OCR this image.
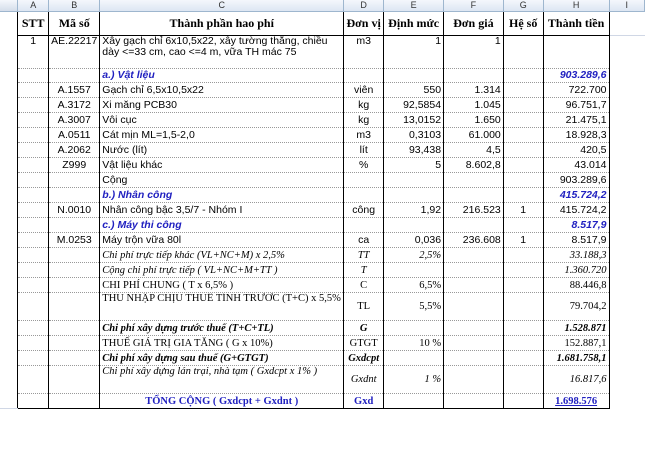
	A	B	C	D	E	F	G	H	I
	STT	Mã số	Thành phần hao phí	Đơn vị	Định mức	Đơn giá	Hệ số	Thành tiền	
	1	AE.22217	Xây gạch chỉ 6x10,5x22, xây tường thẳng, chiều dày <=33 cm, cao <=4 m, vữa TH mác 75	m3	1	1			
			a.) Vật liệu					903.289,6	
		A.1557	Gạch chỉ 6,5x10,5x22	viên	550	1.314		722.700	
		A.3172	Xi măng PCB30	kg	92,5854	1.045		96.751,7	
		A.3007	Vôi cục	kg	13,0152	1.650		21.475,1	
		A.0511	Cát mịn ML=1,5-2,0	m3	0,3103	61.000		18.928,3	
		A.2062	Nước (lít)	lít	93,438	4,5		420,5	
		Z999	Vật liệu khác	%	5	8.602,8		43.014	
			Cộng					903.289,6	
			b.) Nhân công					415.724,2	
		N.0010	Nhân công bậc 3,5/7 - Nhóm I	công	1,92	216.523	1	415.724,2	
			c.) Máy thi công					8.517,9	
		M.0253	Máy trộn vữa 80l	ca	0,036	236.608	1	8.517,9	
			Chi phí trực tiếp khác (VL+NC+M) x 2,5%	TT	2,5%			33.188,3	
			Cộng chi phí trực tiếp ( VL+NC+M+TT )	T				1.360.720	
			CHI PHÍ CHUNG ( T x 6,5% )	C	6,5%			88.446,8	
			THU NHẬP CHỊU THUẾ TÍNH TRƯỚC (T+C) x 5,5%	TL	5,5%			79.704,2	
			Chi phí xây dựng trước thuế (T+C+TL)	G				1.528.871	
			THUẾ GIÁ TRỊ GIA TĂNG ( G x 10%)	GTGT	10 %			152.887,1	
			Chi phí xây dựng sau thuế (G+GTGT)	Gxdcpt				1.681.758,1	
			Chi phí xây dựng lán trại, nhà tạm ( Gxdcpt x 1% )	Gxdnt	1 %			16.817,6	
			TỔNG CỘNG ( Gxdcpt + Gxdnt )	Gxd				1.698.576	
